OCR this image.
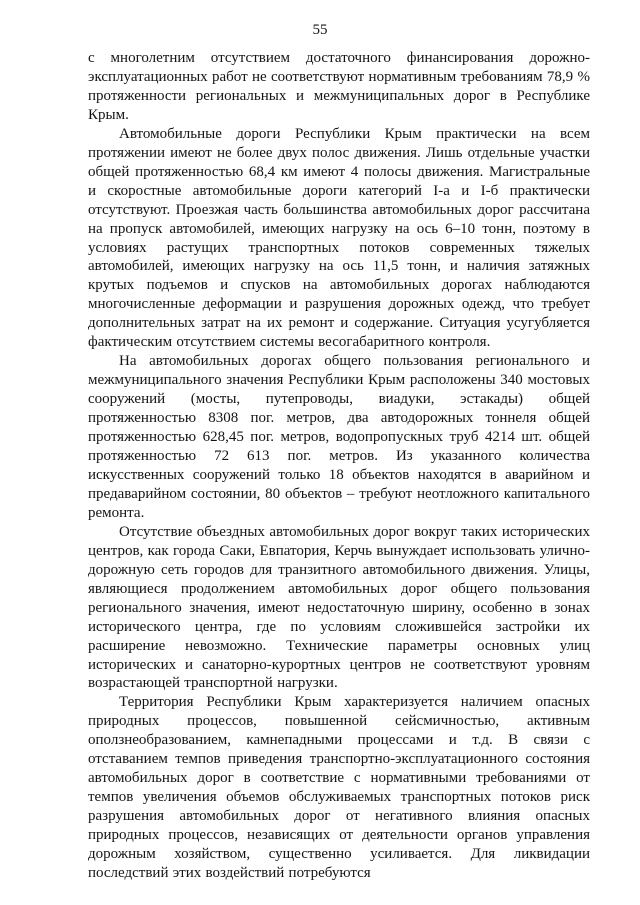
55

с многолетним отсутствием достаточного финансирования дорожно-эксплуатационных работ не соответствуют нормативным требованиям 78,9 % протяженности региональных и межмуниципальных дорог в Республике Крым.

Автомобильные дороги Республики Крым практически на всем протяжении имеют не более двух полос движения. Лишь отдельные участки общей протяженностью 68,4 км имеют 4 полосы движения. Магистральные и скоростные автомобильные дороги категорий I-а и I-б практически отсутствуют. Проезжая часть большинства автомобильных дорог рассчитана на пропуск автомобилей, имеющих нагрузку на ось 6–10 тонн, поэтому в условиях растущих транспортных потоков современных тяжелых автомобилей, имеющих нагрузку на ось 11,5 тонн, и наличия затяжных крутых подъемов и спусков на автомобильных дорогах наблюдаются многочисленные деформации и разрушения дорожных одежд, что требует дополнительных затрат на их ремонт и содержание. Ситуация усугубляется фактическим отсутствием системы весогабаритного контроля.

На автомобильных дорогах общего пользования регионального и межмуниципального значения Республики Крым расположены 340 мостовых сооружений (мосты, путепроводы, виадуки, эстакады) общей протяженностью 8308 пог. метров, два автодорожных тоннеля общей протяженностью 628,45 пог. метров, водопропускных труб 4214 шт. общей протяженностью 72 613 пог. метров. Из указанного количества искусственных сооружений только 18 объектов находятся в аварийном и предаварийном состоянии, 80 объектов – требуют неотложного капитального ремонта.

Отсутствие объездных автомобильных дорог вокруг таких исторических центров, как города Саки, Евпатория, Керчь вынуждает использовать улично-дорожную сеть городов для транзитного автомобильного движения. Улицы, являющиеся продолжением автомобильных дорог общего пользования регионального значения, имеют недостаточную ширину, особенно в зонах исторического центра, где по условиям сложившейся застройки их расширение невозможно. Технические параметры основных улиц исторических и санаторно-курортных центров не соответствуют уровням возрастающей транспортной нагрузки.

Территория Республики Крым характеризуется наличием опасных природных процессов, повышенной сейсмичностью, активным оползнеобразованием, камнепадными процессами и т.д. В связи с отставанием темпов приведения транспортно-эксплуатационного состояния автомобильных дорог в соответствие с нормативными требованиями от темпов увеличения объемов обслуживаемых транспортных потоков риск разрушения автомобильных дорог от негативного влияния опасных природных процессов, независящих от деятельности органов управления дорожным хозяйством, существенно усиливается. Для ликвидации последствий этих воздействий потребуются
